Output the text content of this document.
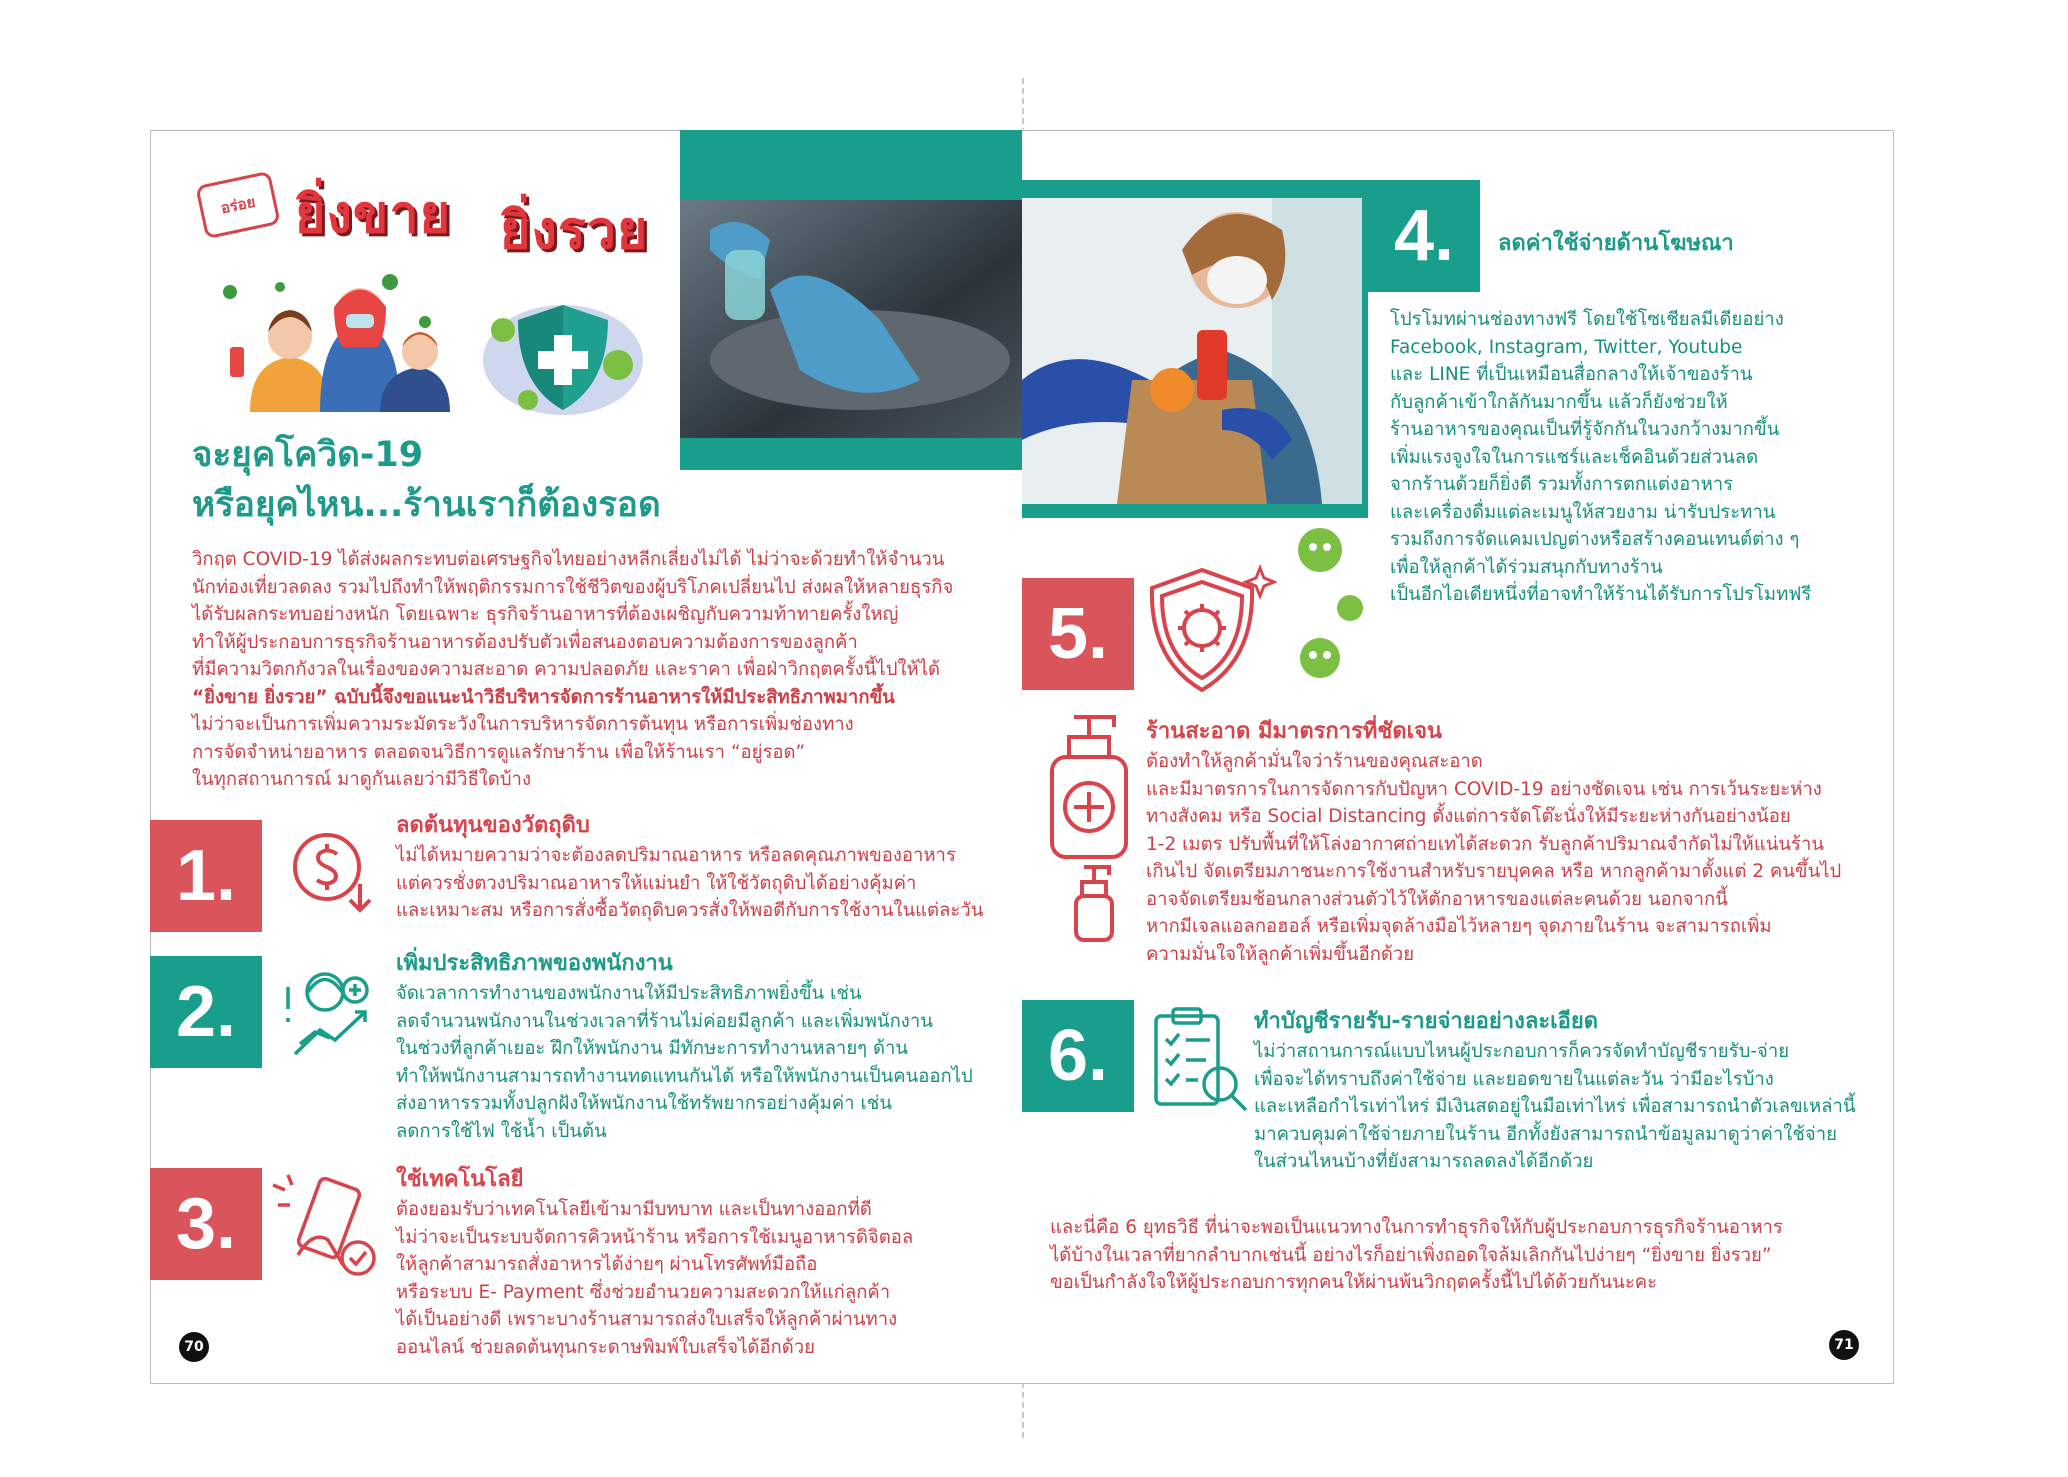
อร่อย ยิ่งขาย ยิ่งรวย

จะยุคโควิด-19

หรือยุคไหน...ร้านเราก็ต้องรอด

วิกฤต COVID-19 ได้ส่งผลกระทบต่อเศรษฐกิจไทยอย่างหลีกเลี่ยงไม่ได้ ไม่ว่าจะด้วยทำให้จำนวน

นักท่องเที่ยวลดลง รวมไปถึงทำให้พฤติกรรมการใช้ชีวิตของผู้บริโภคเปลี่ยนไป ส่งผลให้หลายธุรกิจ

ได้รับผลกระทบอย่างหนัก โดยเฉพาะ ธุรกิจร้านอาหารที่ต้องเผชิญกับความท้าทายครั้งใหญ่

ทำให้ผู้ประกอบการธุรกิจร้านอาหารต้องปรับตัวเพื่อสนองตอบความต้องการของลูกค้า

ที่มีความวิตกกังวลในเรื่องของความสะอาด ความปลอดภัย และราคา เพื่อฝ่าวิกฤตครั้งนี้ไปให้ได้

“ยิ่งขาย ยิ่งรวย” ฉบับนี้จึงขอแนะนำวิธีบริหารจัดการร้านอาหารให้มีประสิทธิภาพมากขึ้น

ไม่ว่าจะเป็นการเพิ่มความระมัดระวังในการบริหารจัดการต้นทุน หรือการเพิ่มช่องทาง

การจัดจำหน่ายอาหาร ตลอดจนวิธีการดูแลรักษาร้าน เพื่อให้ร้านเรา “อยู่รอด”

ในทุกสถานการณ์ มาดูกันเลยว่ามีวิธีใดบ้าง

1.

ลดต้นทุนของวัตถุดิบ

ไม่ได้หมายความว่าจะต้องลดปริมาณอาหาร หรือลดคุณภาพของอาหาร

แต่ควรชั่งตวงปริมาณอาหารให้แม่นยำ ให้ใช้วัตถุดิบได้อย่างคุ้มค่า

และเหมาะสม หรือการสั่งซื้อวัตถุดิบควรสั่งให้พอดีกับการใช้งานในแต่ละวัน

2.

เพิ่มประสิทธิภาพของพนักงาน

จัดเวลาการทำงานของพนักงานให้มีประสิทธิภาพยิ่งขึ้น เช่น

ลดจำนวนพนักงานในช่วงเวลาที่ร้านไม่ค่อยมีลูกค้า และเพิ่มพนักงาน

ในช่วงที่ลูกค้าเยอะ ฝึกให้พนักงาน มีทักษะการทำงานหลายๆ ด้าน

ทำให้พนักงานสามารถทำงานทดแทนกันได้ หรือให้พนักงานเป็นคนออกไป

ส่งอาหารรวมทั้งปลูกฝังให้พนักงานใช้ทรัพยากรอย่างคุ้มค่า เช่น

ลดการใช้ไฟ ใช้น้ำ เป็นต้น

3.

ใช้เทคโนโลยี

ต้องยอมรับว่าเทคโนโลยีเข้ามามีบทบาท และเป็นทางออกที่ดี

ไม่ว่าจะเป็นระบบจัดการคิวหน้าร้าน หรือการใช้เมนูอาหารดิจิตอล

ให้ลูกค้าสามารถสั่งอาหารได้ง่ายๆ ผ่านโทรศัพท์มือถือ

หรือระบบ E- Payment ซึ่งช่วยอำนวยความสะดวกให้แก่ลูกค้า

ได้เป็นอย่างดี เพราะบางร้านสามารถส่งใบเสร็จให้ลูกค้าผ่านทาง

ออนไลน์ ช่วยลดต้นทุนกระดาษพิมพ์ใบเสร็จได้อีกด้วย

70
4.	ลดค่าใช้จ่ายด้านโฆษณา

โปรโมทผ่านช่องทางฟรี โดยใช้โซเชียลมีเดียอย่าง

Facebook, Instagram, Twitter, Youtube

และ LINE ที่เป็นเหมือนสื่อกลางให้เจ้าของร้าน

กับลูกค้าเข้าใกล้กันมากขึ้น แล้วก็ยังช่วยให้

ร้านอาหารของคุณเป็นที่รู้จักกันในวงกว้างมากขึ้น

เพิ่มแรงจูงใจในการแชร์และเช็คอินด้วยส่วนลด

จากร้านด้วยก็ยิ่งดี รวมทั้งการตกแต่งอาหาร

และเครื่องดื่มแต่ละเมนูให้สวยงาม น่ารับประทาน

รวมถึงการจัดแคมเปญต่างหรือสร้างคอนเทนต์ต่าง ๆ

เพื่อให้ลูกค้าได้ร่วมสนุกกับทางร้าน

เป็นอีกไอเดียหนึ่งที่อาจทำให้ร้านได้รับการโปรโมทฟรี

5.

ร้านสะอาด มีมาตรการที่ชัดเจน

ต้องทำให้ลูกค้ามั่นใจว่าร้านของคุณสะอาด

และมีมาตรการในการจัดการกับปัญหา COVID-19 อย่างชัดเจน เช่น การเว้นระยะห่าง

ทางสังคม หรือ Social Distancing ตั้งแต่การจัดโต๊ะนั่งให้มีระยะห่างกันอย่างน้อย

1-2 เมตร ปรับพื้นที่ให้โล่งอากาศถ่ายเทได้สะดวก รับลูกค้าปริมาณจำกัดไม่ให้แน่นร้าน

เกินไป จัดเตรียมภาชนะการใช้งานสำหรับรายบุคคล หรือ หากลูกค้ามาตั้งแต่ 2 คนขึ้นไป

อาจจัดเตรียมช้อนกลางส่วนตัวไว้ให้ตักอาหารของแต่ละคนด้วย นอกจากนี้

หากมีเจลแอลกอฮอล์ หรือเพิ่มจุดล้างมือไว้หลายๆ จุดภายในร้าน จะสามารถเพิ่ม

ความมั่นใจให้ลูกค้าเพิ่มขึ้นอีกด้วย

6.	ทำบัญชีรายรับ-รายจ่ายอย่างละเอียด

ไม่ว่าสถานการณ์แบบไหนผู้ประกอบการก็ควรจัดทำบัญชีรายรับ-จ่าย

เพื่อจะได้ทราบถึงค่าใช้จ่าย และยอดขายในแต่ละวัน ว่ามีอะไรบ้าง

และเหลือกำไรเท่าไหร่ มีเงินสดอยู่ในมือเท่าไหร่ เพื่อสามารถนำตัวเลขเหล่านี้

มาควบคุมค่าใช้จ่ายภายในร้าน อีกทั้งยังสามารถนำข้อมูลมาดูว่าค่าใช้จ่าย

ในส่วนไหนบ้างที่ยังสามารถลดลงได้อีกด้วย

และนี่คือ 6 ยุทธวิธี ที่น่าจะพอเป็นแนวทางในการทำธุรกิจให้กับผู้ประกอบการธุรกิจร้านอาหาร

ได้บ้างในเวลาที่ยากลำบากเช่นนี้ อย่างไรก็อย่าเพิ่งถอดใจล้มเลิกกันไปง่ายๆ “ยิ่งขาย ยิ่งรวย”

ขอเป็นกำลังใจให้ผู้ประกอบการทุกคนให้ผ่านพ้นวิกฤตครั้งนี้ไปได้ด้วยกันนะคะ

71
